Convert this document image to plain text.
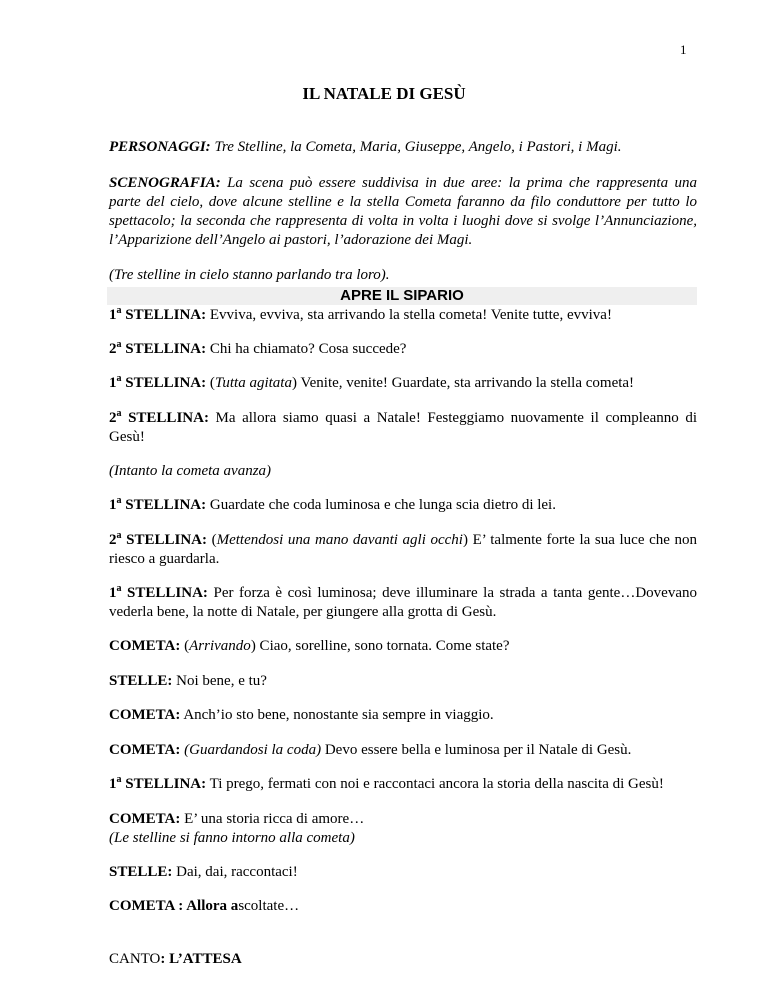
1
IL NATALE DI GESÙ
PERSONAGGI: Tre Stelline, la Cometa, Maria, Giuseppe, Angelo, i Pastori, i Magi.
SCENOGRAFIA: La scena può essere suddivisa in due aree: la prima che rappresenta una parte del cielo, dove alcune stelline e la stella Cometa faranno da filo conduttore per tutto lo spettacolo; la seconda che rappresenta di volta in volta i luoghi dove si svolge l’Annunciazione, l’Apparizione dell’Angelo ai pastori, l’adorazione dei Magi.
(Tre stelline in cielo stanno parlando tra loro).
APRE IL SIPARIO
1$^a$ STELLINA: Evviva, evviva, sta arrivando la stella cometa! Venite tutte, evviva!
2$^a$ STELLINA: Chi ha chiamato? Cosa succede?
1$^a$ STELLINA: (Tutta agitata) Venite, venite! Guardate, sta arrivando la stella cometa!
2$^a$ STELLINA: Ma allora siamo quasi a Natale! Festeggiamo nuovamente il compleanno di Gesù!
(Intanto la cometa avanza)
1$^a$ STELLINA: Guardate che coda luminosa e che lunga scia dietro di lei.
2$^a$ STELLINA: (Mettendosi una mano davanti agli occhi) E’ talmente forte la sua luce che non riesco a guardarla.
1$^a$ STELLINA: Per forza è così luminosa; deve illuminare la strada a tanta gente…Dovevano vederla bene, la notte di Natale, per giungere alla grotta di Gesù.
COMETA: (Arrivando) Ciao, sorelline, sono tornata. Come state?
STELLE: Noi bene, e tu?
COMETA: Anch’io sto bene, nonostante sia sempre in viaggio.
COMETA: (Guardandosi la coda) Devo essere bella e luminosa per il Natale di Gesù.
1$^a$ STELLINA: Ti prego, fermati con noi e raccontaci ancora la storia della nascita di Gesù!
COMETA: E’ una storia ricca di amore…
(Le stelline si fanno intorno alla cometa)
STELLE: Dai, dai, raccontaci!
COMETA : Allora ascoltate…
CANTO: L’ATTESA
